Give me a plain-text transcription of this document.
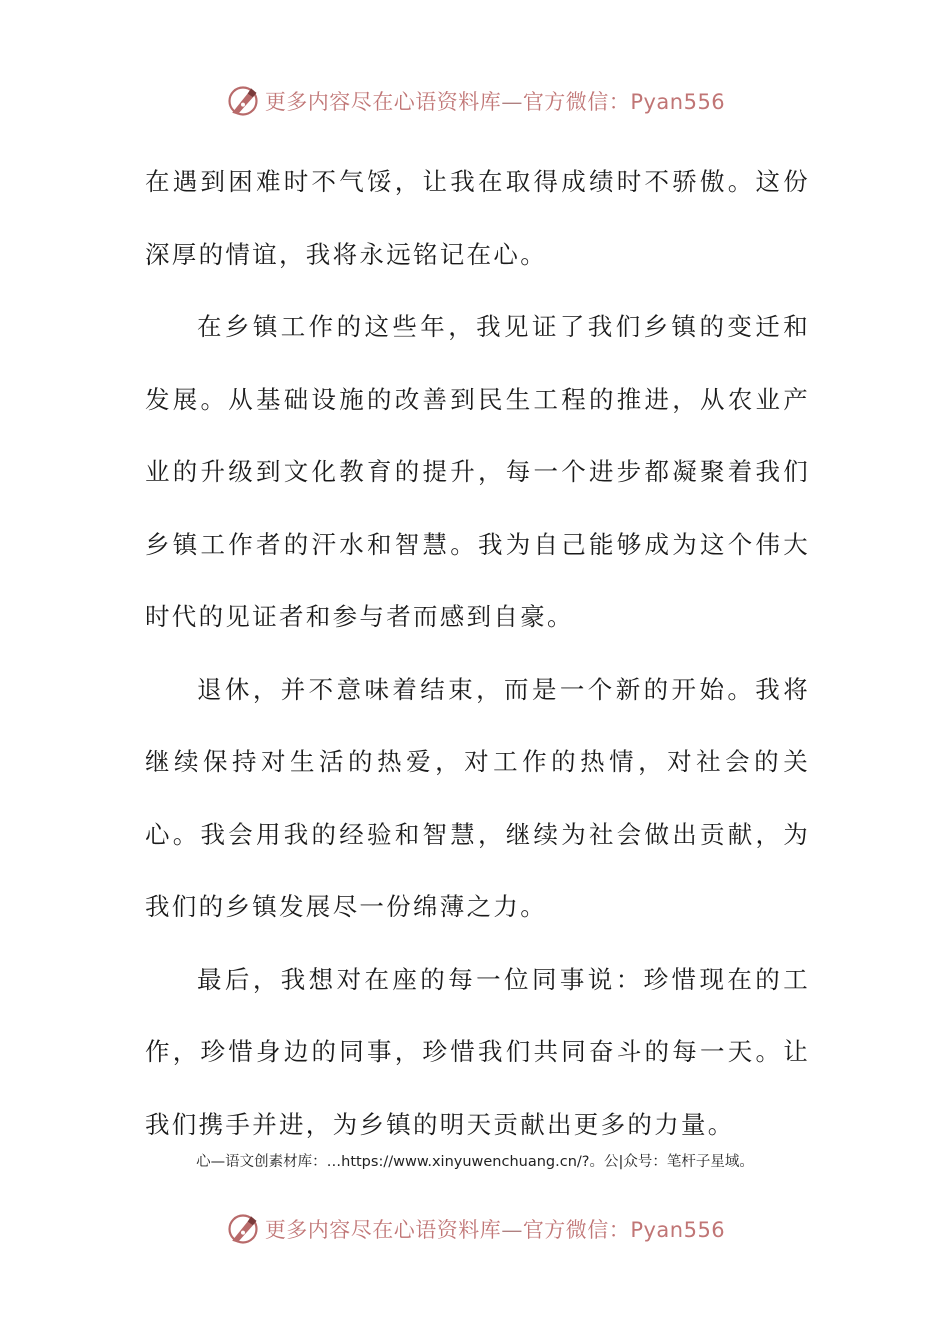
更多内容尽在心语资料库—官方微信：Pyan556

在遇到困难时不气馁，让我在取得成绩时不骄傲。这份深厚的情谊，我将永远铭记在心。

在乡镇工作的这些年，我见证了我们乡镇的变迁和发展。从基础设施的改善到民生工程的推进，从农业产业的升级到文化教育的提升，每一个进步都凝聚着我们乡镇工作者的汗水和智慧。我为自己能够成为这个伟大时代的见证者和参与者而感到自豪。

退休，并不意味着结束，而是一个新的开始。我将继续保持对生活的热爱，对工作的热情，对社会的关心。我会用我的经验和智慧，继续为社会做出贡献，为我们的乡镇发展尽一份绵薄之力。

最后，我想对在座的每一位同事说：珍惜现在的工作，珍惜身边的同事，珍惜我们共同奋斗的每一天。让我们携手并进，为乡镇的明天贡献出更多的力量。

心—语文创素材库：…https://www.xinyuwenchuang.cn/?。公|众号：笔杆子星域。
更多内容尽在心语资料库—官方微信：Pyan556
